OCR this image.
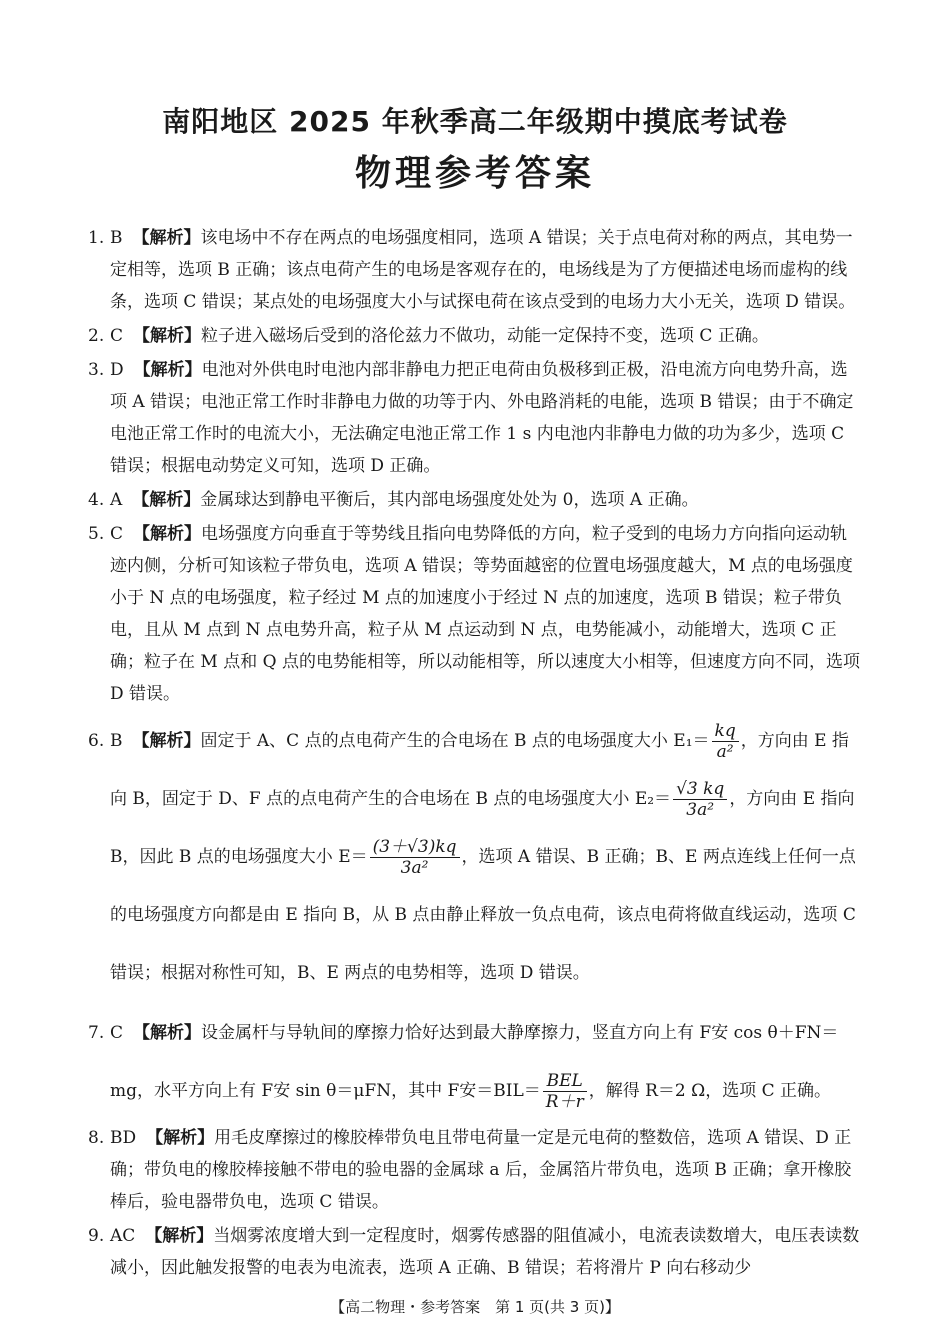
南阳地区 2025 年秋季高二年级期中摸底考试卷
物理参考答案
1. B 【解析】该电场中不存在两点的电场强度相同，选项 A 错误；关于点电荷对称的两点，其电势一定相等，选项 B 正确；该点电荷产生的电场是客观存在的，电场线是为了方便描述电场而虚构的线条，选项 C 错误；某点处的电场强度大小与试探电荷在该点受到的电场力大小无关，选项 D 错误。
2. C 【解析】粒子进入磁场后受到的洛伦兹力不做功，动能一定保持不变，选项 C 正确。
3. D 【解析】电池对外供电时电池内部非静电力把正电荷由负极移到正极，沿电流方向电势升高，选项 A 错误；电池正常工作时非静电力做的功等于内、外电路消耗的电能，选项 B 错误；由于不确定电池正常工作时的电流大小，无法确定电池正常工作 1 s 内电池内非静电力做的功为多少，选项 C 错误；根据电动势定义可知，选项 D 正确。
4. A 【解析】金属球达到静电平衡后，其内部电场强度处处为 0，选项 A 正确。
5. C 【解析】电场强度方向垂直于等势线且指向电势降低的方向，粒子受到的电场力方向指向运动轨迹内侧，分析可知该粒子带负电，选项 A 错误；等势面越密的位置电场强度越大，M 点的电场强度小于 N 点的电场强度，粒子经过 M 点的加速度小于经过 N 点的加速度，选项 B 错误；粒子带负电，且从 M 点到 N 点电势升高，粒子从 M 点运动到 N 点，电势能减小，动能增大，选项 C 正确；粒子在 M 点和 Q 点的电势能相等，所以动能相等，所以速度大小相等，但速度方向不同，选项 D 错误。
6. B 【解析】固定于 A、C 点的点电荷产生的合电场在 B 点的电场强度大小 $E_1= \frac{kq}{\text{a²}}$ ，方向由 E 指向 B，固定于 D、F 点的点电荷产生的合电场在 B 点的电场强度大小 $E_2= \frac{√3 kq}{\text{3a²}}$ ，方向由 E 指向 B，因此 B 点的电场强度大小 $E= \frac{(3+√3)kq}{\text{3a²}}$ ，选项 A 错误、B 正确；B、E 两点连线上任何一点的电场强度方向都是由 E 指向 B，从 B 点由静止释放一负点电荷，该点电荷将做直线运动，选项 C 错误；根据对称性可知，B、E 两点的电势相等，选项 D 错误。
7. C 【解析】设金属杆与导轨间的摩擦力恰好达到最大静摩擦力，竖直方向上有 F安 cos θ＋FN＝mg，水平方向上有 F安 sin θ＝μFN，其中 F安$=BIL= \frac{\text{BEL}}{R+r}$ ，解得 R＝2 Ω，选项 C 正确。
8. BD 【解析】用毛皮摩擦过的橡胶棒带负电且带电荷量一定是元电荷的整数倍，选项 A 错误、D 正确；带负电的橡胶棒接触不带电的验电器的金属球 a 后，金属箔片带负电，选项 B 正确；拿开橡胶棒后，验电器带负电，选项 C 错误。
9. AC 【解析】当烟雾浓度增大到一定程度时，烟雾传感器的阻值减小，电流表读数增大，电压表读数减小，因此触发报警的电表为电流表，选项 A 正确、B 错误；若将滑片 P 向右移动少
【高二物理・参考答案　第 1 页(共 3 页)】
